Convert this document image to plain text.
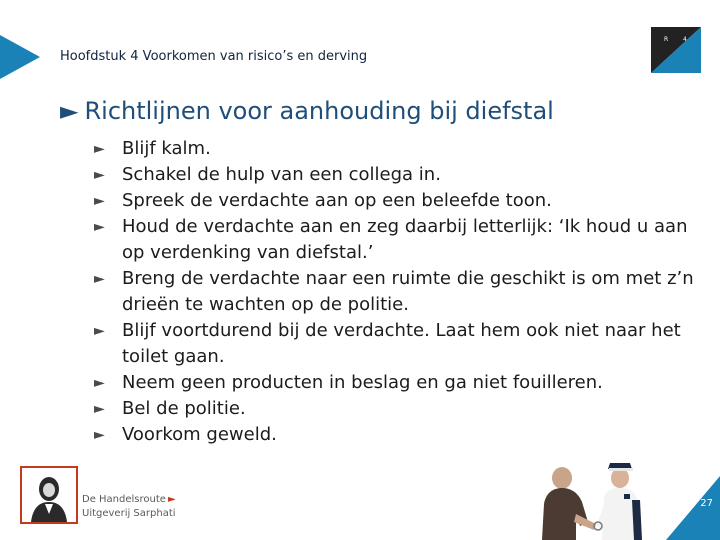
Hoofdstuk 4 Voorkomen van risico’s en derving
R 4
► Richtlijnen voor aanhouding bij diefstal
► Blijf kalm.
► Schakel de hulp van een collega in.
► Spreek de verdachte aan op een beleefde toon.
► Houd de verdachte aan en zeg daarbij letterlijk: ‘Ik houd u aan op verdenking van diefstal.’
► Breng de verdachte naar een ruimte die geschikt is om met z’n drieën te wachten op de politie.
► Blijf voortdurend bij de verdachte. Laat hem ook niet naar het toilet gaan.
► Neem geen producten in beslag en ga niet fouilleren.
► Bel de politie.
► Voorkom geweld.
De Handelsroute ►
Uitgeverij Sarphati
27
